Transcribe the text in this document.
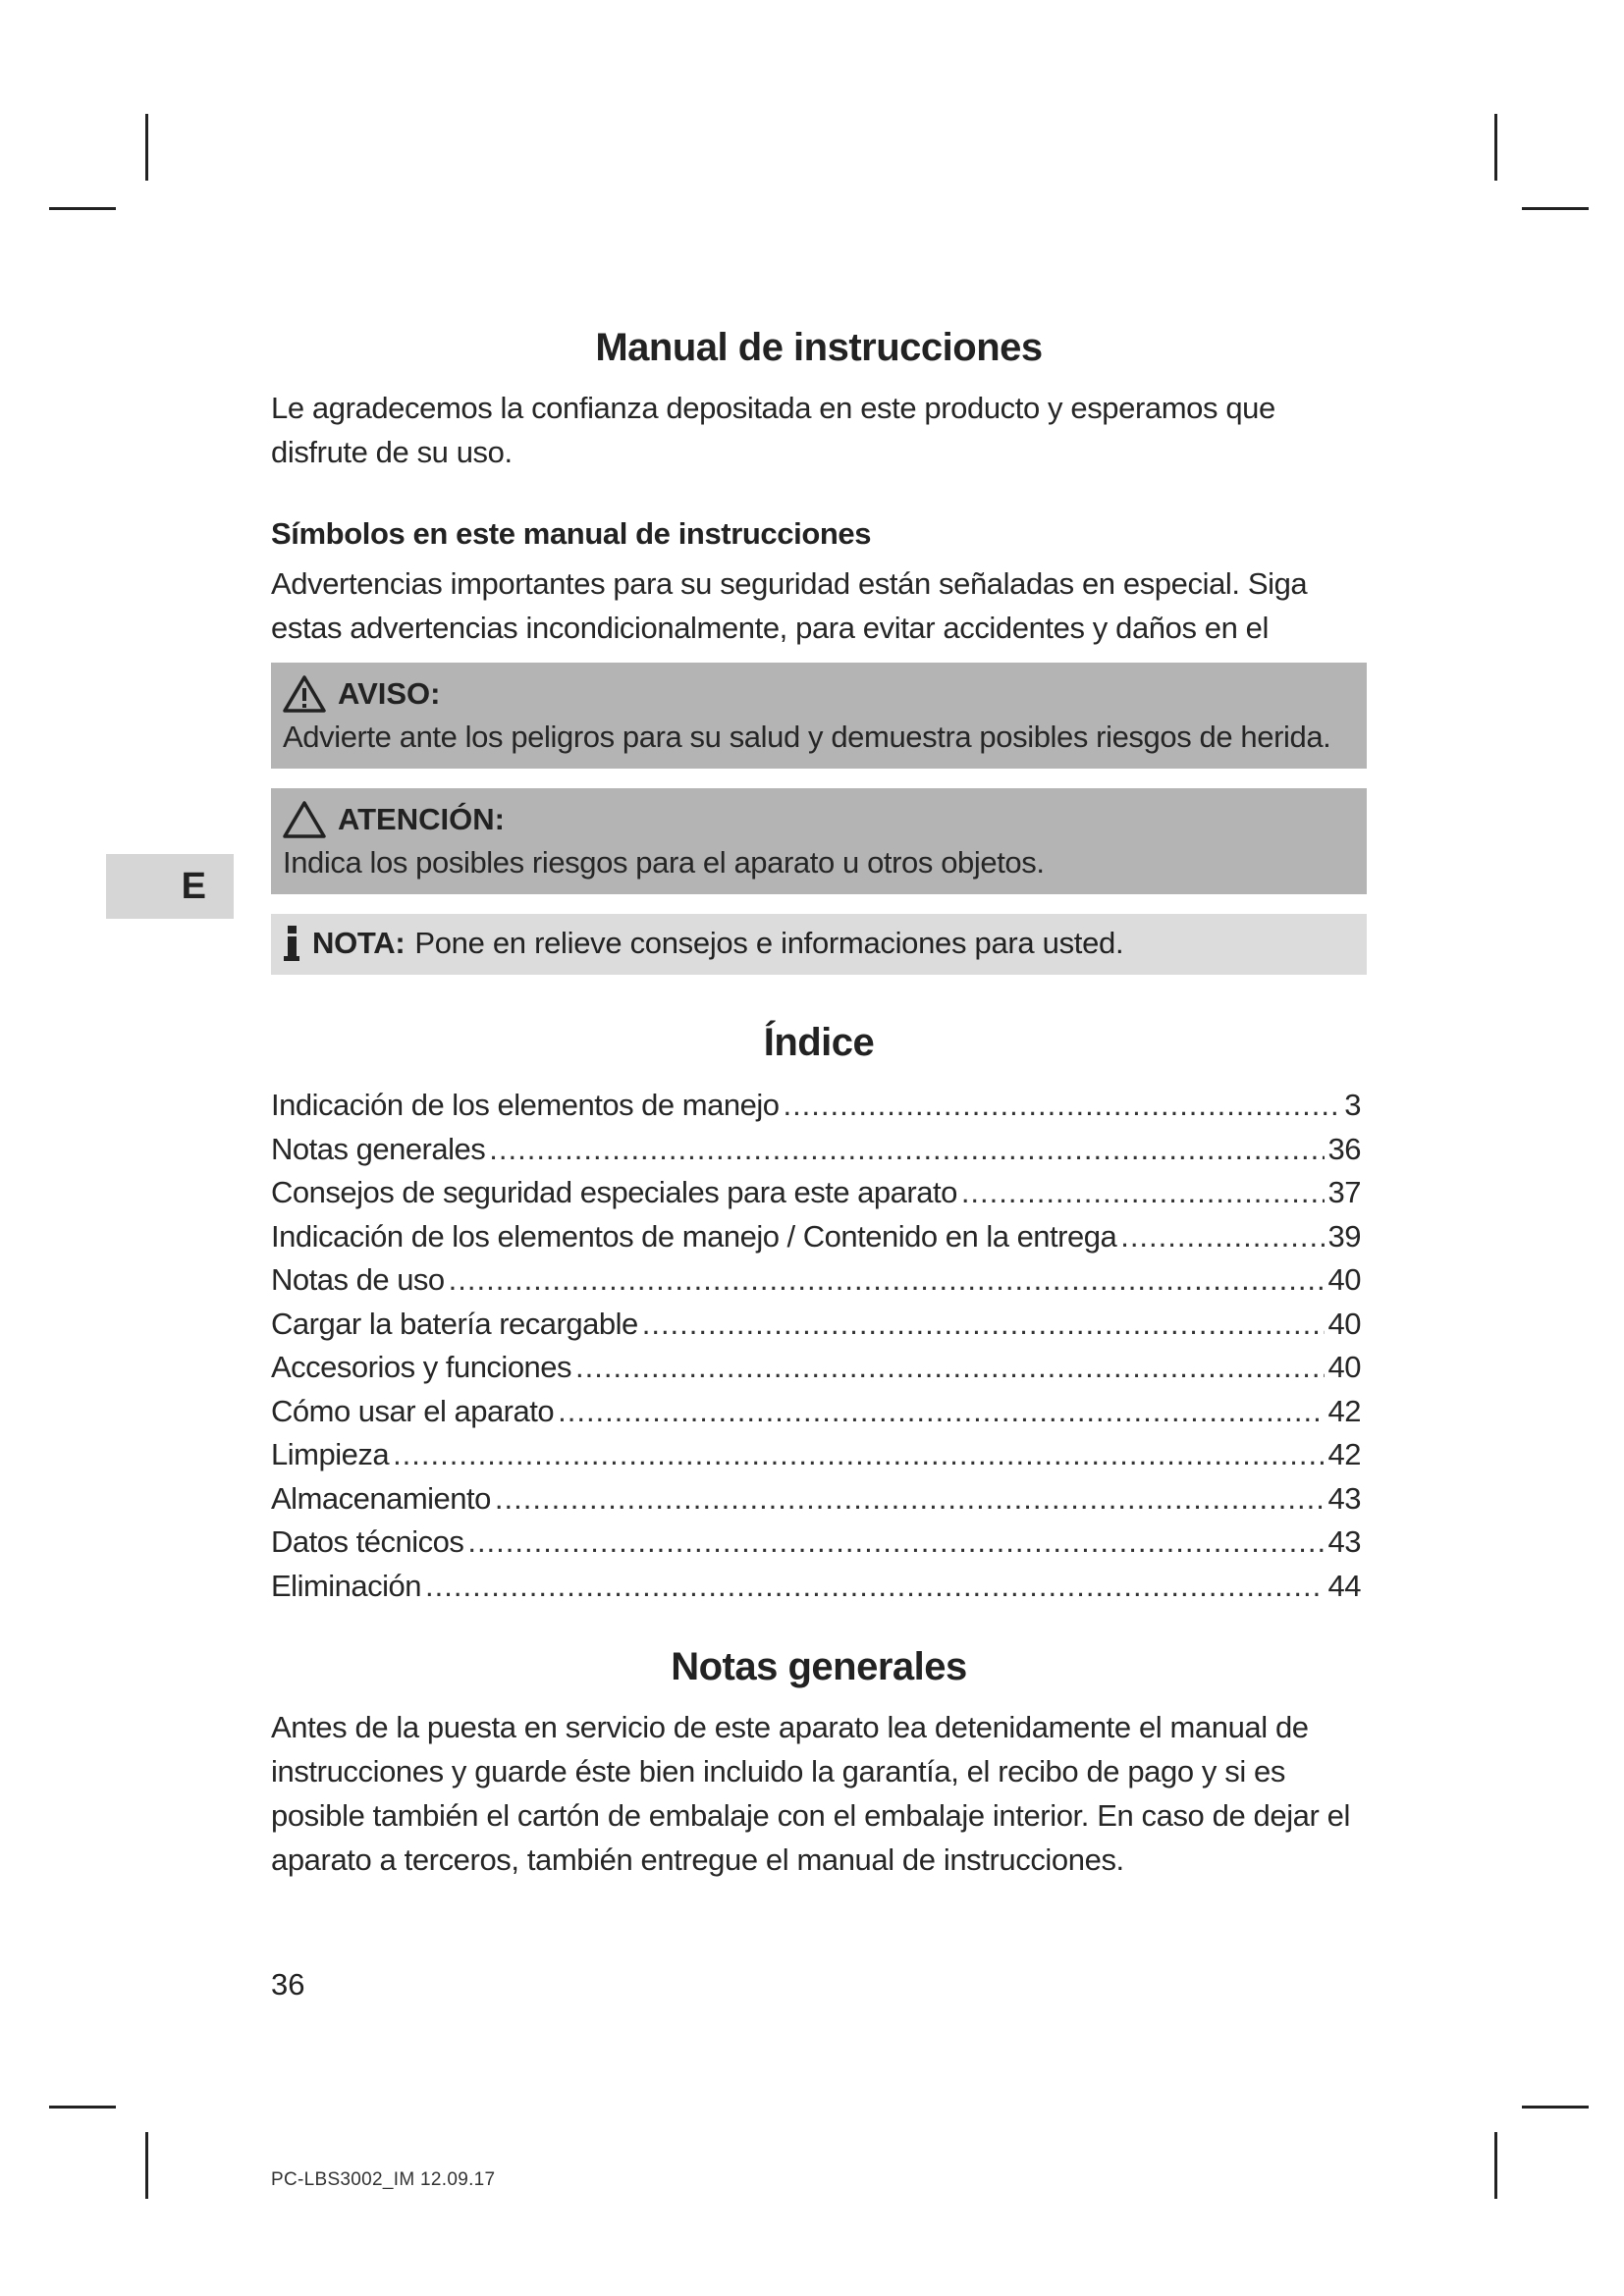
E
Manual de instrucciones
Le agradecemos la confianza depositada en este producto y esperamos que disfrute de su uso.
Símbolos en este manual de instrucciones
Advertencias importantes para su seguridad están señaladas en especial. Siga estas advertencias incondicionalmente, para evitar accidentes y daños en el
AVISO:
Advierte ante los peligros para su salud y demuestra posibles riesgos de herida.
ATENCIÓN:
Indica los posibles riesgos para el aparato u otros objetos.
NOTA: Pone en relieve consejos e informaciones para usted.
Índice
Indicación de los elementos de manejo .....	3
Notas generales .....	36
Consejos de seguridad especiales para este aparato .....	37
Indicación de los elementos de manejo / Contenido en la entrega .....	39
Notas de uso .....	40
Cargar la batería recargable .....	40
Accesorios y funciones .....	40
Cómo usar el aparato .....	42
Limpieza .....	42
Almacenamiento .....	43
Datos técnicos .....	43
Eliminación .....	44
Notas generales
Antes de la puesta en servicio de este aparato lea detenidamente el manual de instrucciones y guarde éste bien incluido la garantía, el recibo de pago y si es posible también el cartón de embalaje con el embalaje interior. En caso de dejar el aparato a terceros, también entregue el manual de instrucciones.
36
PC-LBS3002_IM 12.09.17
